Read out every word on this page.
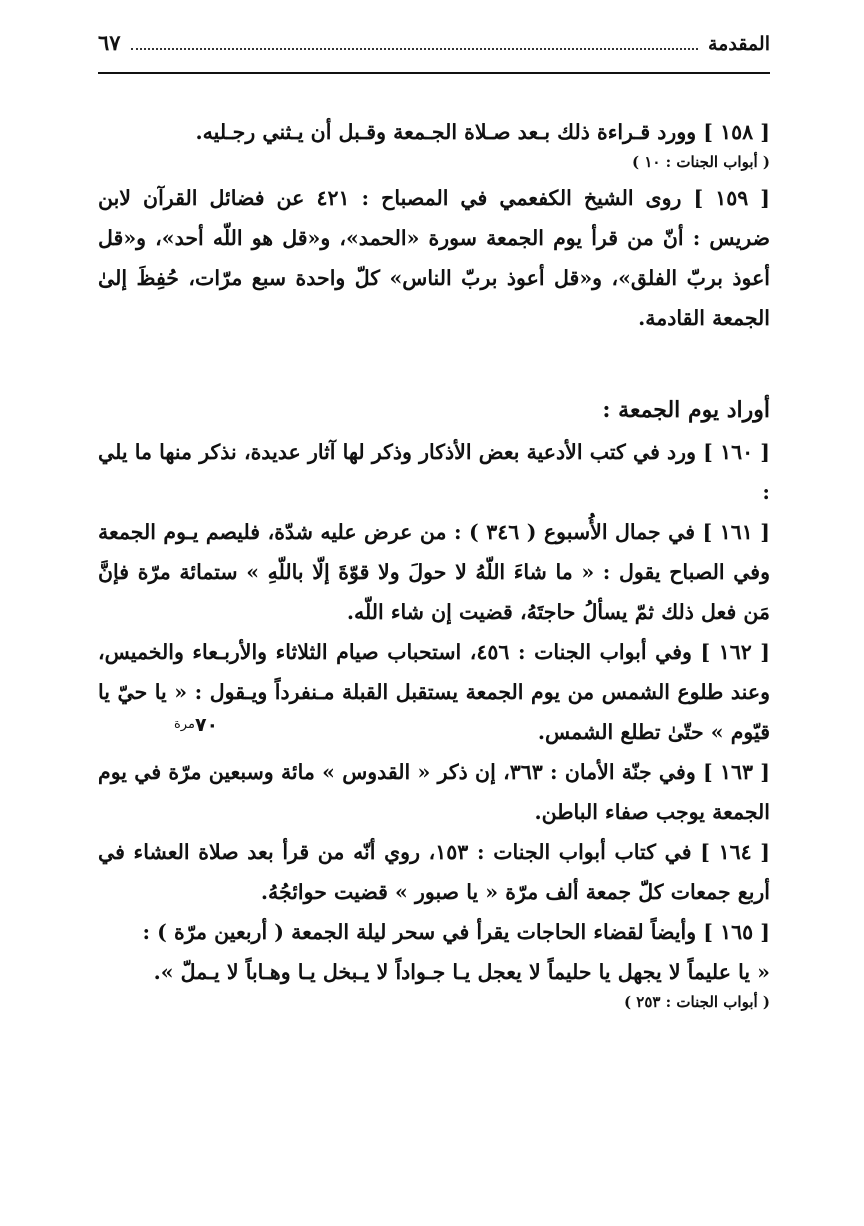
المقدمة
٦٧

[ ١٥٨ ] وورد قـراءة ذلك بـعد صـلاة الجـمعة وقـبل أن يـثني رجـليه.

( أبواب الجنات : ١٠ )

[ ١٥٩ ] روى الشيخ الكفعمي في المصباح : ٤٢١ عن فضائل القرآن لابن ضريس : أنّ من قرأ يوم الجمعة سورة «الحمد»، و«قل هو اللّه أحد»، و«قل أعوذ بربّ الفلق»، و«قل أعوذ بربّ الناس» كلّ واحدة سبع مرّات، حُفِظَ إلىٰ الجمعة القادمة.

أوراد يوم الجمعة :

[ ١٦٠ ] ورد في كتب الأدعية بعض الأذكار وذكر لها آثار عديدة، نذكر منها ما يلي :

[ ١٦١ ] في جمال الأُسبوع ( ٣٤٦ ) : من عرض عليه شدّة، فليصم يـوم الجمعة وفي الصباح يقول : « ما شاءَ اللّهُ لا حولَ ولا قوّةَ إلّا باللّهِ » ستمائة مرّة فإنَّ مَن فعل ذلك ثمّ يسألُ حاجتَهُ، قضيت إن شاء اللّه.

[ ١٦٢ ] وفي أبواب الجنات : ٤٥٦، استحباب صيام الثلاثاء والأربـعاء والخميس، وعند طلوع الشمس من يوم الجمعة يستقبل القبلة مـنفرداً ويـقول : « يا حيّ يا قيّوم » حتّىٰ تطلع الشمس.

٧٠مرة

[ ١٦٣ ] وفي جنّة الأمان : ٣٦٣، إن ذكر « القدوس » مائة وسبعين مرّة في يوم الجمعة يوجب صفاء الباطن.

[ ١٦٤ ] في كتاب أبواب الجنات : ١٥٣، روي أنّه من قرأ بعد صلاة العشاء في أربع جمعات كلّ جمعة ألف مرّة « يا صبور » قضيت حوائجُهُ.

[ ١٦٥ ] وأيضاً لقضاء الحاجات يقرأ في سحر ليلة الجمعة ( أربعين مرّة ) :

« يا عليماً لا يجهل يا حليماً لا يعجل يـا جـواداً لا يـبخل يـا وهـاباً لا يـملّ ».

( أبواب الجنات : ٢٥٣ )
